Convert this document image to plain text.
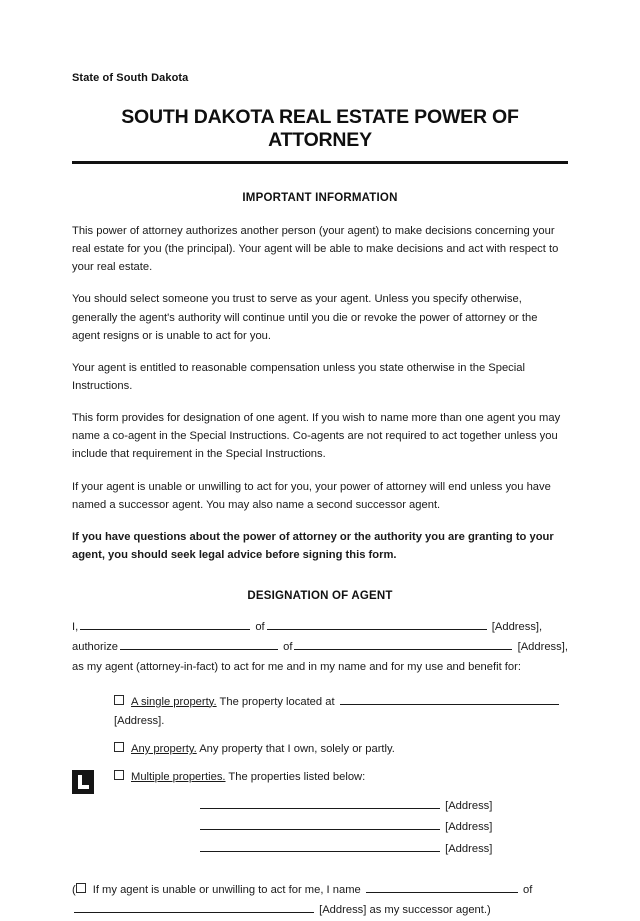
State of South Dakota
SOUTH DAKOTA REAL ESTATE POWER OF ATTORNEY
IMPORTANT INFORMATION

This power of attorney authorizes another person (your agent) to make decisions concerning your real estate for you (the principal). Your agent will be able to make decisions and act with respect to your real estate.

You should select someone you trust to serve as your agent. Unless you specify otherwise, generally the agent's authority will continue until you die or revoke the power of attorney or the agent resigns or is unable to act for you.

Your agent is entitled to reasonable compensation unless you state otherwise in the Special Instructions.

This form provides for designation of one agent. If you wish to name more than one agent you may name a co-agent in the Special Instructions. Co-agents are not required to act together unless you include that requirement in the Special Instructions.

If your agent is unable or unwilling to act for you, your power of attorney will end unless you have named a successor agent. You may also name a second successor agent.

If you have questions about the power of attorney or the authority you are granting to your agent, you should seek legal advice before signing this form.

DESIGNATION OF AGENT
I,	of	[Address],
authorize	of	[Address],
as my agent (attorney-in-fact) to act for me and in my name and for my use and benefit for:
A single property. The property located at
[Address].
Any property. Any property that I own, solely or partly.
Multiple properties. The properties listed below:
[Address]
[Address]
[Address]
( If my agent is unable or unwilling to act for me, I name	of
[Address] as my successor agent.)
